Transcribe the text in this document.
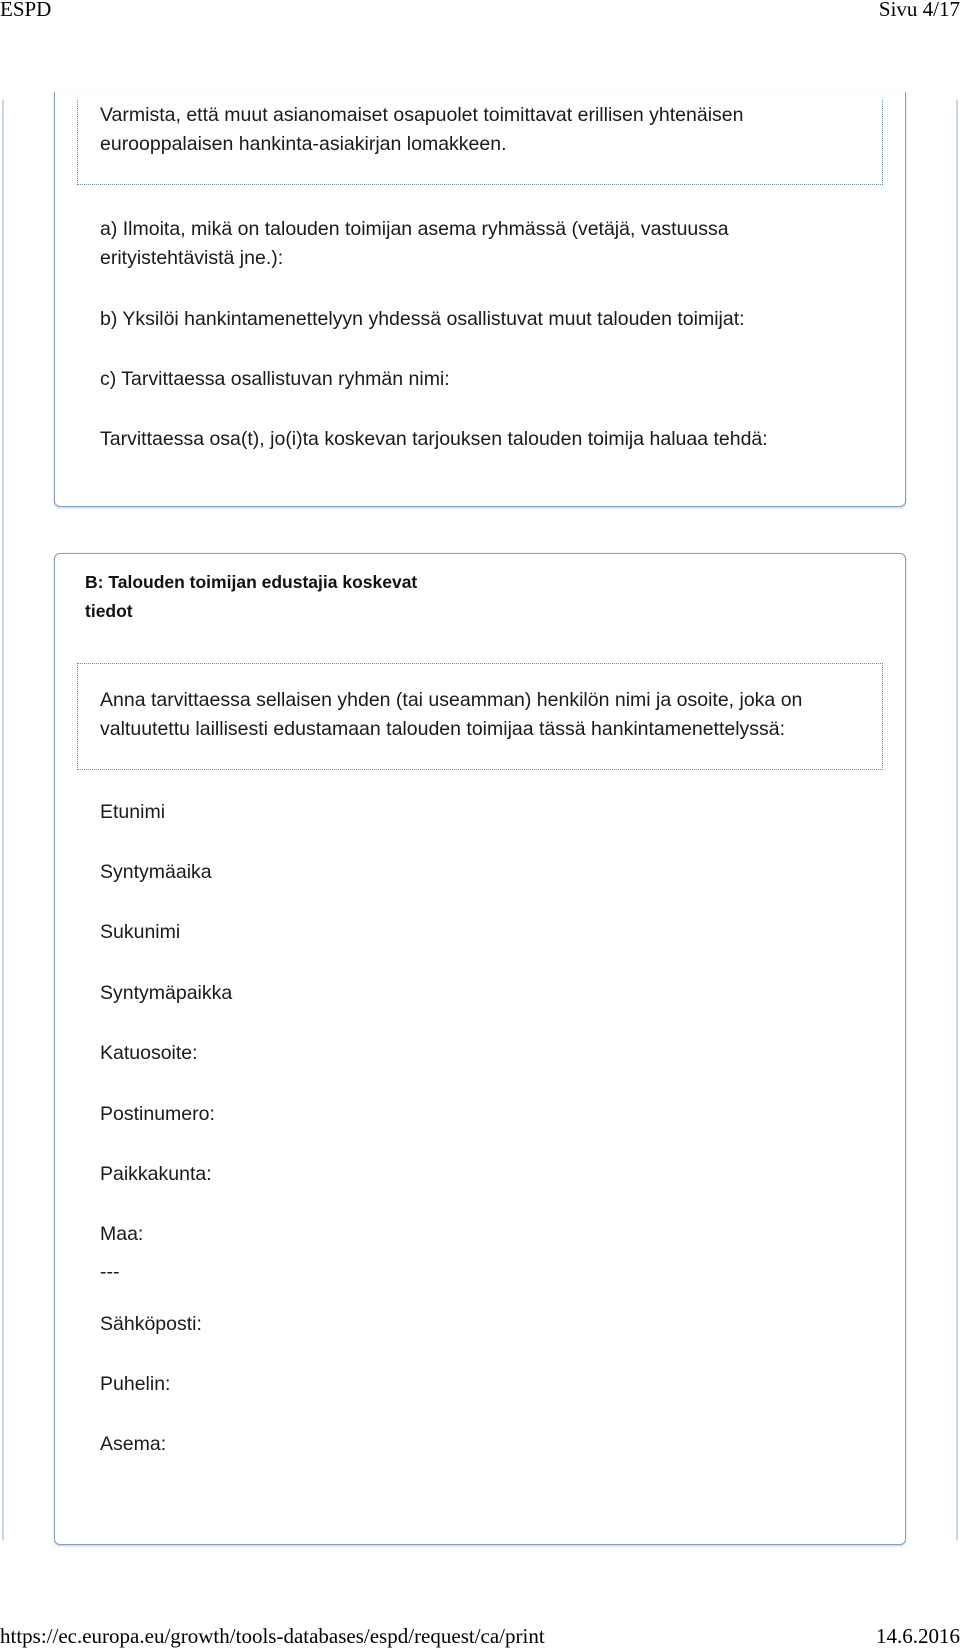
ESPD	Sivu 4/17
Varmista, että muut asianomaiset osapuolet toimittavat erillisen yhtenäisen eurooppalaisen hankinta-asiakirjan lomakkeen.
a) Ilmoita, mikä on talouden toimijan asema ryhmässä (vetäjä, vastuussa erityistehtävistä jne.):
b) Yksilöi hankintamenettelyyn yhdessä osallistuvat muut talouden toimijat:
c) Tarvittaessa osallistuvan ryhmän nimi:
Tarvittaessa osa(t), jo(i)ta koskevan tarjouksen talouden toimija haluaa tehdä:
B: Talouden toimijan edustajia koskevat
tiedot
Anna tarvittaessa sellaisen yhden (tai useamman) henkilön nimi ja osoite, joka on valtuutettu laillisesti edustamaan talouden toimijaa tässä hankintamenettelyssä:
Etunimi
Syntymäaika
Sukunimi
Syntymäpaikka
Katuosoite:
Postinumero:
Paikkakunta:
Maa:
---
Sähköposti:
Puhelin:
Asema:
https://ec.europa.eu/growth/tools-databases/espd/request/ca/print	14.6.2016
